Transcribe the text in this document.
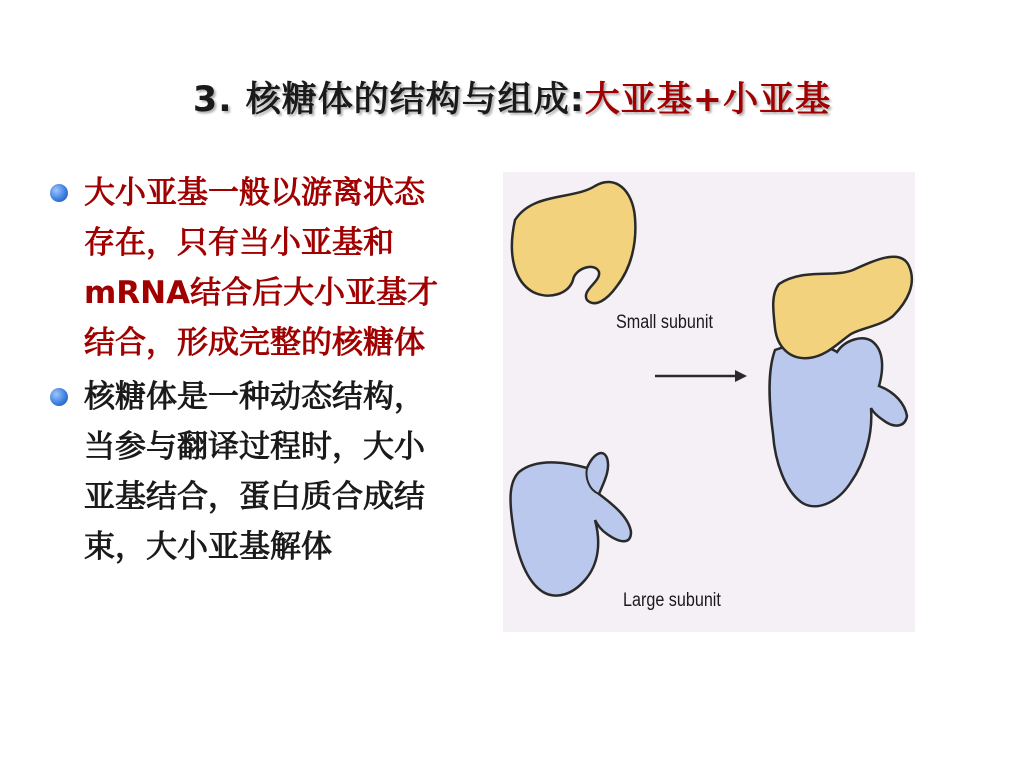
3. 核糖体的结构与组成:大亚基+小亚基
大小亚基一般以游离状态存在，只有当小亚基和mRNA结合后大小亚基才结合，形成完整的核糖体
核糖体是一种动态结构，当参与翻译过程时，大小亚基结合，蛋白质合成结束，大小亚基解体
Small subunit
Large subunit
